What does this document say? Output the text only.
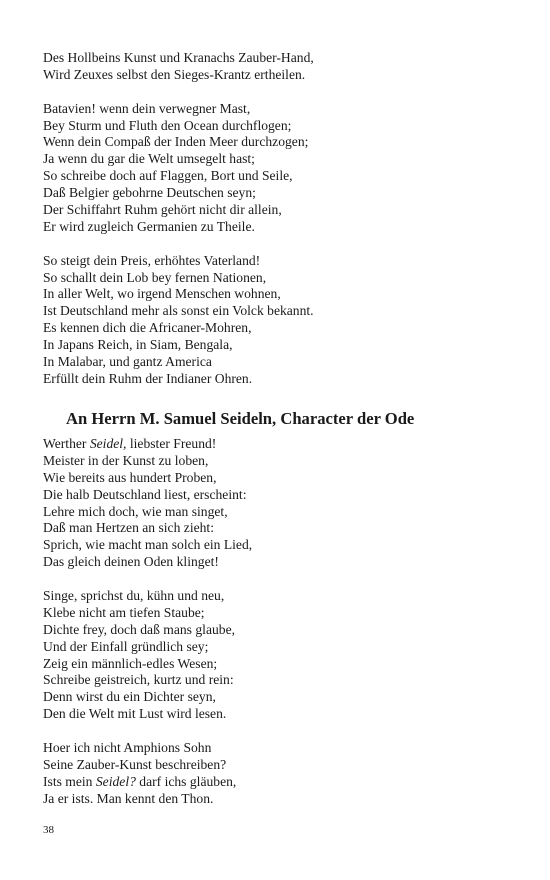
Des Hollbeins Kunst und Kranachs Zauber-Hand,
Wird Zeuxes selbst den Sieges-Krantz ertheilen.
Batavien! wenn dein verwegner Mast,
Bey Sturm und Fluth den Ocean durchflogen;
Wenn dein Compaß der Inden Meer durchzogen;
Ja wenn du gar die Welt umsegelt hast;
So schreibe doch auf Flaggen, Bort und Seile,
Daß Belgier gebohrne Deutschen seyn;
Der Schiffahrt Ruhm gehört nicht dir allein,
Er wird zugleich Germanien zu Theile.
So steigt dein Preis, erhöhtes Vaterland!
So schallt dein Lob bey fernen Nationen,
In aller Welt, wo irgend Menschen wohnen,
Ist Deutschland mehr als sonst ein Volck bekannt.
Es kennen dich die Africaner-Mohren,
In Japans Reich, in Siam, Bengala,
In Malabar, und gantz America
Erfüllt dein Ruhm der Indianer Ohren.
An Herrn M. Samuel Seideln, Character der Ode
Werther Seidel, liebster Freund!
Meister in der Kunst zu loben,
Wie bereits aus hundert Proben,
Die halb Deutschland liest, erscheint:
Lehre mich doch, wie man singet,
Daß man Hertzen an sich zieht:
Sprich, wie macht man solch ein Lied,
Das gleich deinen Oden klinget!
Singe, sprichst du, kühn und neu,
Klebe nicht am tiefen Staube;
Dichte frey, doch daß mans glaube,
Und der Einfall gründlich sey;
Zeig ein männlich-edles Wesen;
Schreibe geistreich, kurtz und rein:
Denn wirst du ein Dichter seyn,
Den die Welt mit Lust wird lesen.
Hoer ich nicht Amphions Sohn
Seine Zauber-Kunst beschreiben?
Ists mein Seidel? darf ichs gläuben,
Ja er ists. Man kennt den Thon.
38
